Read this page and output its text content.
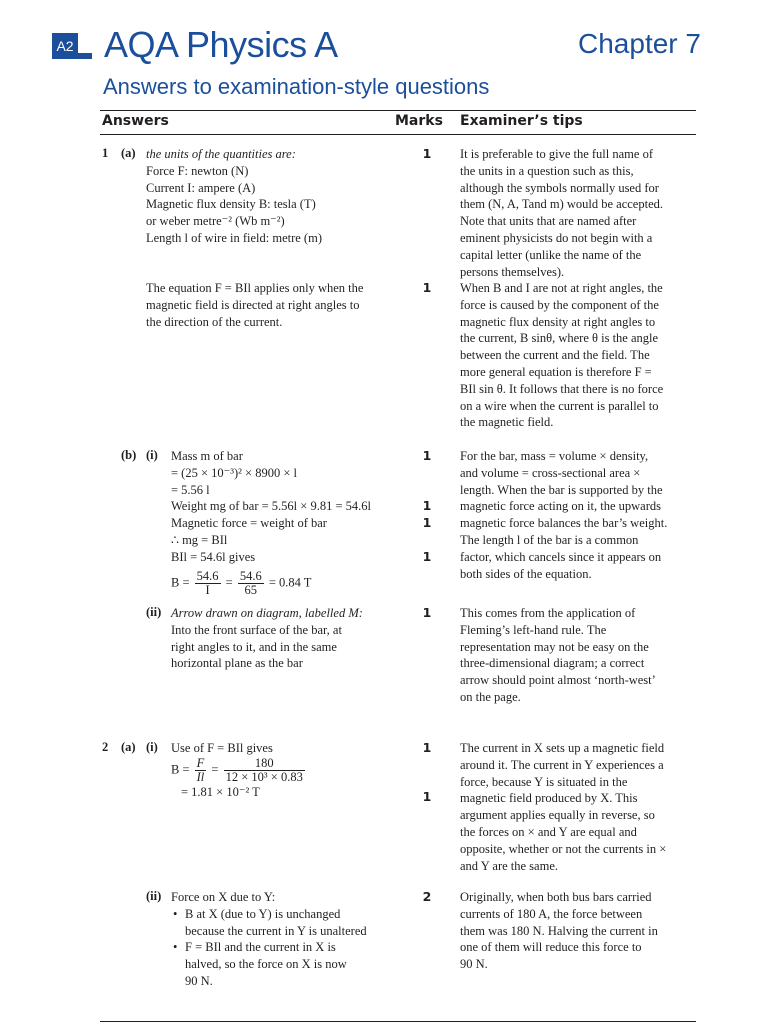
A2 AQA Physics A	Chapter 7
Answers to examination-style questions
Answers	Marks Examiner’s tips
1 (a) the units of the quantities are:
Force F: newton (N)
Current I: ampere (A)
Magnetic flux density B: tesla (T)
or weber metre⁻² (Wb m⁻²)
Length l of wire in field: metre (m)
1 It is preferable to give the full name of
the units in a question such as this,
although the symbols normally used for
them (N, A, Tand m) would be accepted.
Note that units that are named after
eminent physicists do not begin with a
capital letter (unlike the name of the
persons themselves).
The equation F = BIl applies only when the
magnetic field is directed at right angles to
the direction of the current.
1 When B and I are not at right angles, the
force is caused by the component of the
magnetic flux density at right angles to
the current, B sinθ, where θ is the angle
between the current and the field. The
more general equation is therefore F =
BIl sin θ. It follows that there is no force
on a wire when the current is parallel to
the magnetic field.
(b) (i) Mass m of bar
= (25 × 10⁻³)² × 8900 × l
= 5.56 l
Weight mg of bar = 5.56l × 9.81 = 54.6l
Magnetic force = weight of bar
∴ mg = BIl
BIl = 54.6l gives
$B = \frac{54.6}{I} = \frac{54.6}{65} = 0.84$ T
1
1
1
1
For the bar, mass = volume × density,
and volume = cross-sectional area ×
length. When the bar is supported by the
magnetic force acting on it, the upwards
magnetic force balances the bar’s weight.
The length l of the bar is a common
factor, which cancels since it appears on
both sides of the equation.
(ii) Arrow drawn on diagram, labelled M:
Into the front surface of the bar, at
right angles to it, and in the same
horizontal plane as the bar
1 This comes from the application of
Fleming’s left-hand rule. The
representation may not be easy on the
three-dimensional diagram; a correct
arrow should point almost ‘north-west’
on the page.
2 (a) (i) Use of F = BIl gives
$B = \frac{F}{Il} = \frac{180}{\text{12 × 10³ × 0.83}}$
= 1.81 × 10⁻² T
1
1
The current in X sets up a magnetic field
around it. The current in Y experiences a
force, because Y is situated in the
magnetic field produced by X. This
argument applies equally in reverse, so
the forces on × and Y are equal and
opposite, whether or not the currents in ×
and Y are the same.
(ii) Force on X due to Y:
• B at X (due to Y) is unchanged
because the current in Y is unaltered
• F = BIl and the current in X is
halved, so the force on X is now
90 N.
2 Originally, when both bus bars carried
currents of 180 A, the force between
them was 180 N. Halving the current in
one of them will reduce this force to
90 N.
